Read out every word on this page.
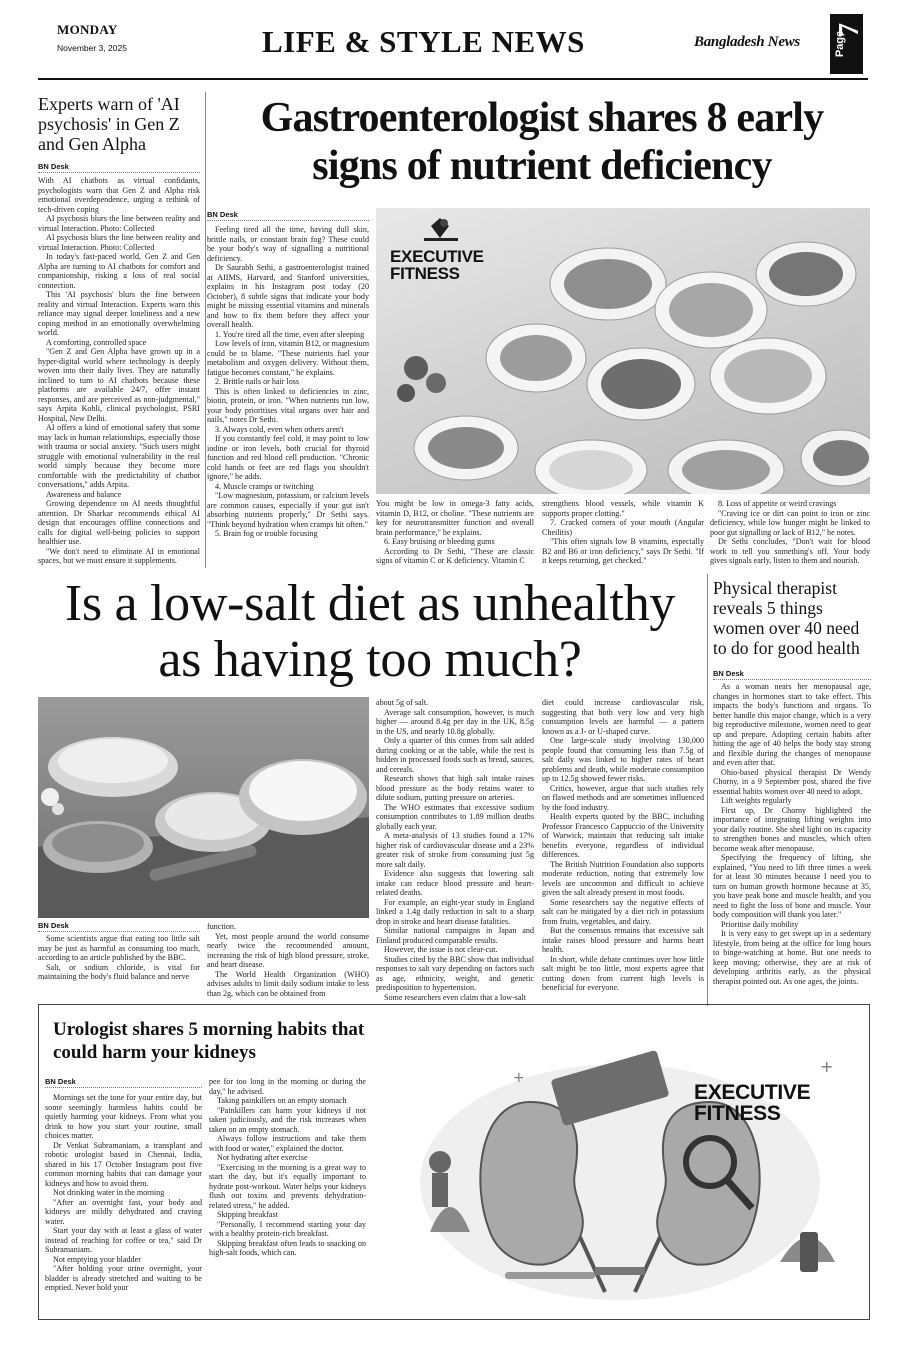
MONDAY
November 3, 2025	LIFE & STYLE NEWS	Bangladesh News	Page
7
Experts warn of 'AI psychosis' in Gen Z and Gen Alpha
BN Desk

With AI chatbots as virtual confidants, psychologists warn that Gen Z and Alpha risk emotional overdependence, urging a rethink of tech-driven coping

AI psychosis blurs the line between reality and virtual Interaction. Photo: Collected

AI psychosis blurs the line between reality and virtual Interaction. Photo: Collected

In today's fast-paced world, Gen Z and Gen Alpha are turning to AI chatbots for comfort and companionship, risking a loss of real social connection.

This 'AI psychosis' blurs the fine between reality and virtual Interaction. Experts warn this reliance may signal deeper loneliness and a new coping method in an emotionally overwhelming world.

A comforting, controlled space

"Gen Z and Gen Alpha have grown up in a hyper-digital world where technology is deeply woven into their daily lives. They are naturally inclined to turn to AI chatbots because these platforms are available 24/7, offer instant responses, and are perceived as non-judgmental," says Arpita Kohli, clinical psychologist, PSRI Hospital, New Delhi.

AI offers a kind of emotional safety that some may lack in human relationships, especially those with trauma or social anxiety. "Such users might struggle with emotional vulnerability in the real world simply because they become more comfortable with the predictability of chatbot conversations," adds Arpita.

Awareness and balance

Growing dependence on AI needs thoughtful attention. Dr Sharkar recommends ethical AI design that encourages offline connections and calls for digital well-being policies to support healthier use.

"We don't need to eliminate AI in emotional spaces, but we must ensure it supplements.

Gastroenterologist shares 8 early signs of nutrient deficiency
BN Desk

Feeling tired all the time, having dull skin, brittle nails, or constant brain fog? These could be your body's way of signalling a nutritional deficiency.

Dr Saurabh Sethi, a gastroenterologist trained at AIIMS, Harvard, and Stanford universities, explains in his Instagram post today (20 October), 8 subtle signs that indicate your body might be missing essential vitamins and minerals and how to fix them before they affect your overall health.

1. You're tired all the time, even after sleeping

Low levels of iron, vitamin B12, or magnesium could be to blame. "These nutrients fuel your metabolism and oxygen delivery. Without them, fatigue becomes constant," he explains.

2. Brittle nails or hair loss

This is often linked to deficiencies in zinc, biotin, protein, or iron. "When nutrients run low, your body prioritises vital organs over hair and nails," notes Dr Sethi.

3. Always cold, even when others aren't

If you constantly feel cold, it may point to low iodine or iron levels, both crucial for thyroid function and red blood cell production. "Chronic cold hands or feet are red flags you shouldn't ignore," he adds.

4. Muscle cramps or twitching

"Low magnesium, potassium, or calcium levels are common causes, especially if your gut isn't absorbing nutrients properly," Dr Sethi says. "Think beyond hydration when cramps hit often."

5. Brain fog or trouble focusing

EXECUTIVE FITNESS

You might be low in omega-3 fatty acids, vitamin D, B12, or choline. "These nutrients are key for neurotransmitter function and overall brain performance," he explains.

6. Easy bruising or bleeding gums

According to Dr Sethi, "These are classic signs of vitamin C or K deficiency. Vitamin C

strengthens blood vessels, while vitamin K supports proper clotting."

7. Cracked corners of your mouth (Angular Cheilitis)

"This often signals low B vitamins, especially B2 and B6 or iron deficiency," says Dr Sethi. "If it keeps returning, get checked."

8. Loss of appetite or weird cravings

"Craving ice or dirt can point to iron or zinc deficiency, while low hunger might be linked to poor gut signalling or lack of B12," he notes.

Dr Sethi concludes, "Don't wait for blood work to tell you something's off. Your body gives signals early, listen to them and nourish.

Is a low-salt diet as unhealthy as having too much?
BN Desk

Some scientists argue that eating too little salt may be just as harmful as consuming too much, according to an article published by the BBC.

Salt, or sodium chloride, is vital for maintaining the body's fluid balance and nerve

function.

Yet, most people around the world consume nearly twice the recommended amount, increasing the risk of high blood pressure, stroke, and heart disease.

The World Health Organization (WHO) advises adults to limit daily sodium intake to less than 2g, which can be obtained from

about 5g of salt.

Average salt consumption, however, is much higher — around 8.4g per day in the UK, 8.5g in the US, and nearly 10.8g globally.

Only a quarter of this comes from salt added during cooking or at the table, while the rest is hidden in processed foods such as bread, sauces, and cereals.

Research shows that high salt intake raises blood pressure as the body retains water to dilute sodium, putting pressure on arteries.

The WHO estimates that excessive sodium consumption contributes to 1.89 million deaths globally each year.

A meta-analysis of 13 studies found a 17% higher risk of cardiovascular disease and a 23% greater risk of stroke from consuming just 5g more salt daily.

Evidence also suggests that lowering salt intake can reduce blood pressure and heart-related deaths.

For example, an eight-year study in England linked a 1.4g daily reduction in salt to a sharp drop in stroke and heart disease fatalities.

Similar national campaigns in Japan and Finland produced comparable results.

However, the issue is not clear-cut.

Studies cited by the BBC show that individual responses to salt vary depending on factors such as age, ethnicity, weight, and genetic predisposition to hypertension.

Some researchers even claim that a low-salt

diet could increase cardiovascular risk, suggesting that both very low and very high consumption levels are harmful — a pattern known as a J- or U-shaped curve.

One large-scale study involving 130,000 people found that consuming less than 7.5g of salt daily was linked to higher rates of heart problems and death, while moderate consumption up to 12.5g showed fewer risks.

Critics, however, argue that such studies rely on flawed methods and are sometimes influenced by the food industry.

Health experts quoted by the BBC, including Professor Francesco Cappuccio of the University of Warwick, maintain that reducing salt intake benefits everyone, regardless of individual differences.

The British Nutrition Foundation also supports moderate reduction, noting that extremely low levels are uncommon and difficult to achieve given the salt already present in most foods.

Some researchers say the negative effects of salt can be mitigated by a diet rich in potassium from fruits, vegetables, and dairy.

But the consensus remains that excessive salt intake raises blood pressure and harms heart health.

In short, while debate continues over how little salt might be too little, most experts agree that cutting down from current high levels is beneficial for everyone.

Physical therapist reveals 5 things women over 40 need to do for good health
BN Desk

As a woman nears her menopausal age, changes in hormones start to take effect. This impacts the body's functions and organs. To better handle this major change, which is a very big reproductive milestone, women need to gear up and prepare. Adopting certain habits after hitting the age of 40 helps the body stay strong and flexible during the changes of menopause and even after that.

Ohio-based physical therapist Dr Wendy Chorny, in a 9 September post, shared the five essential habits women over 40 need to adopt.

Lift weights regularly

First up, Dr Chorny highlighted the importance of integrating lifting weights into your daily routine. She shed light on its capacity to strengthen bones and muscles, which often become weak after menopause.

Specifying the frequency of lifting, she explained, "You need to lift three times a week for at least 30 minutes because I need you to turn on human growth hormone because at 35, you have peak bone and muscle health, and you need to fight the loss of bone and muscle. Your body composition will thank you later."

Prioritise daily mobility

It is very easy to get swept up in a sedentary lifestyle, from being at the office for long hours to binge-watching at home. But one needs to keep moving; otherwise, they are at risk of developing arthritis early, as the physical therapist pointed out. As one ages, the joints.

Urologist shares 5 morning habits that could harm your kidneys
BN Desk

Mornings set the tone for your entire day, but some seemingly harmless habits could be quietly harming your kidneys. From what you drink to how you start your routine, small choices matter.

Dr Venkat Subramaniam, a transplant and robotic urologist based in Chennai, India, shared in his 17 October Instagram post five common morning habits that can damage your kidneys and how to avoid them.

Not drinking water in the morning

"After an overnight fast, your body and kidneys are mildly dehydrated and craving water.

Start your day with at least a glass of water instead of reaching for coffee or tea," said Dr Subramaniam.

Not emptying your bladder

"After holding your urine overnight, your bladder is already stretched and waiting to be emptied. Never hold your

pee for too long in the morning or during the day," he advised.

Taking painkillers on an empty stomach

"Painkillers can harm your kidneys if not taken judiciously, and the risk increases when taken on an empty stomach.

Always follow instructions and take them with food or water," explained the doctor.

Not hydrating after exercise

"Exercising in the morning is a great way to start the day, but it's equally important to hydrate post-workout. Water helps your kidneys flush out toxins and prevents dehydration-related stress," he added.

Skipping breakfast

"Personally, I recommend starting your day with a healthy protein-rich breakfast.

Skipping breakfast often leads to snacking on high-salt foods, which can.

+
+
EXECUTIVE FITNESS
